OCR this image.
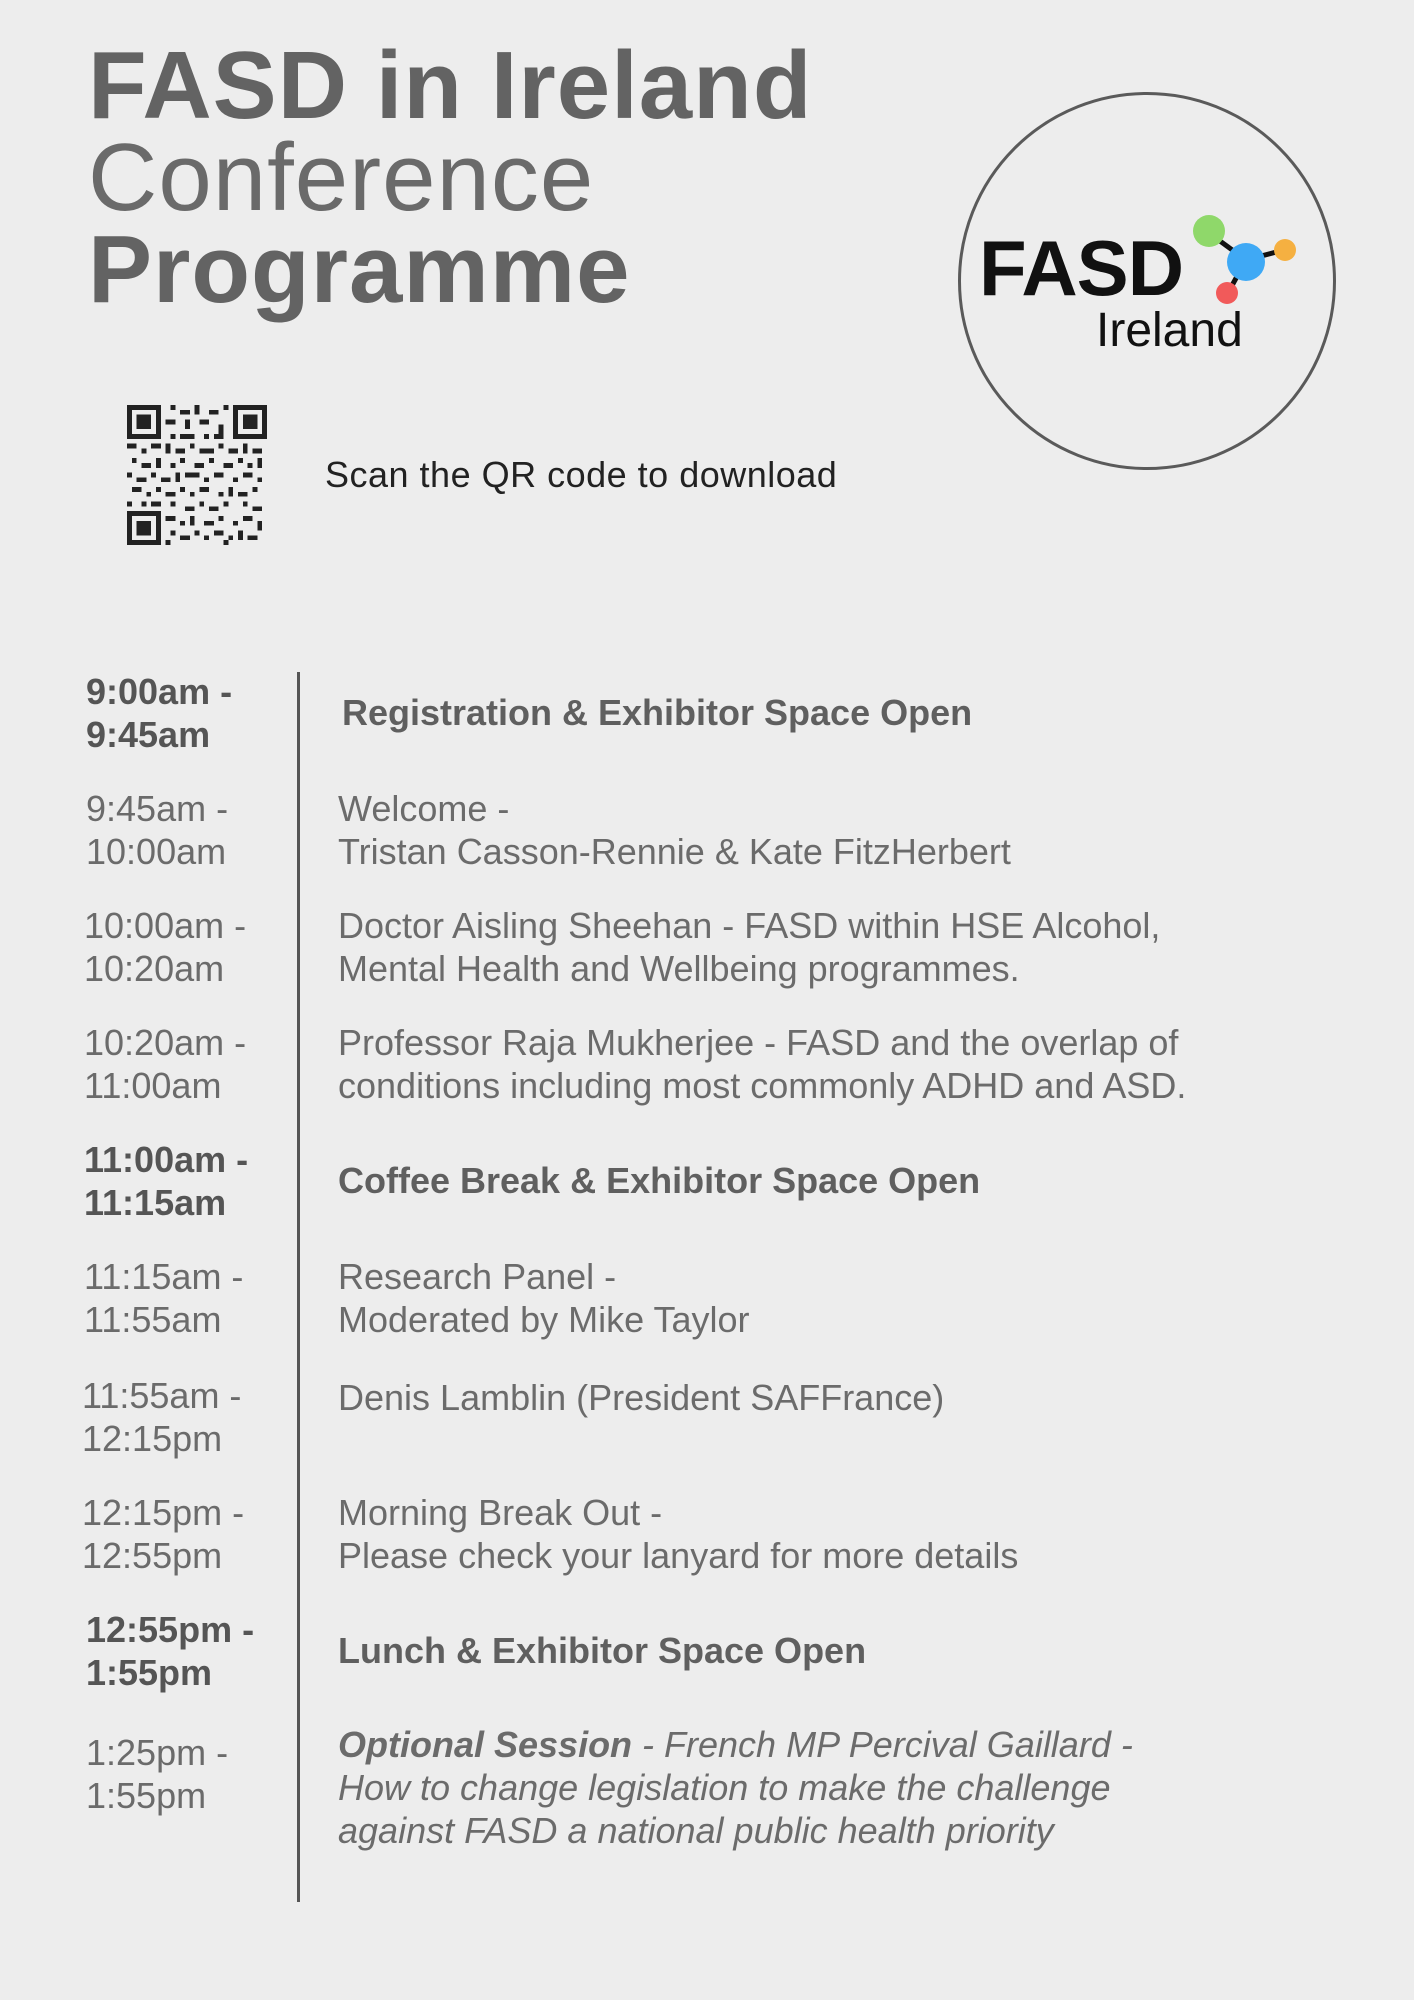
FASD in Ireland
Conference
Programme	FASD
Ireland
Scan the QR code to download
9:00am -
9:45am
Registration & Exhibitor Space Open
9:45am -
10:00am
Welcome -
Tristan Casson-Rennie & Kate FitzHerbert
10:00am -
10:20am
Doctor Aisling Sheehan - FASD within HSE Alcohol,
Mental Health and Wellbeing programmes.
10:20am -
11:00am
Professor Raja Mukherjee - FASD and the overlap of
conditions including most commonly ADHD and ASD.
11:00am -
11:15am
Coffee Break & Exhibitor Space Open
11:15am -
11:55am
Research Panel -
Moderated by Mike Taylor
11:55am -
12:15pm
Denis Lamblin (President SAFFrance)
12:15pm -
12:55pm
Morning Break Out -
Please check your lanyard for more details
12:55pm -
1:55pm
Lunch & Exhibitor Space Open
1:25pm -
1:55pm
Optional Session - French MP Percival Gaillard -
How to change legislation to make the challenge
against FASD a national public health priority
